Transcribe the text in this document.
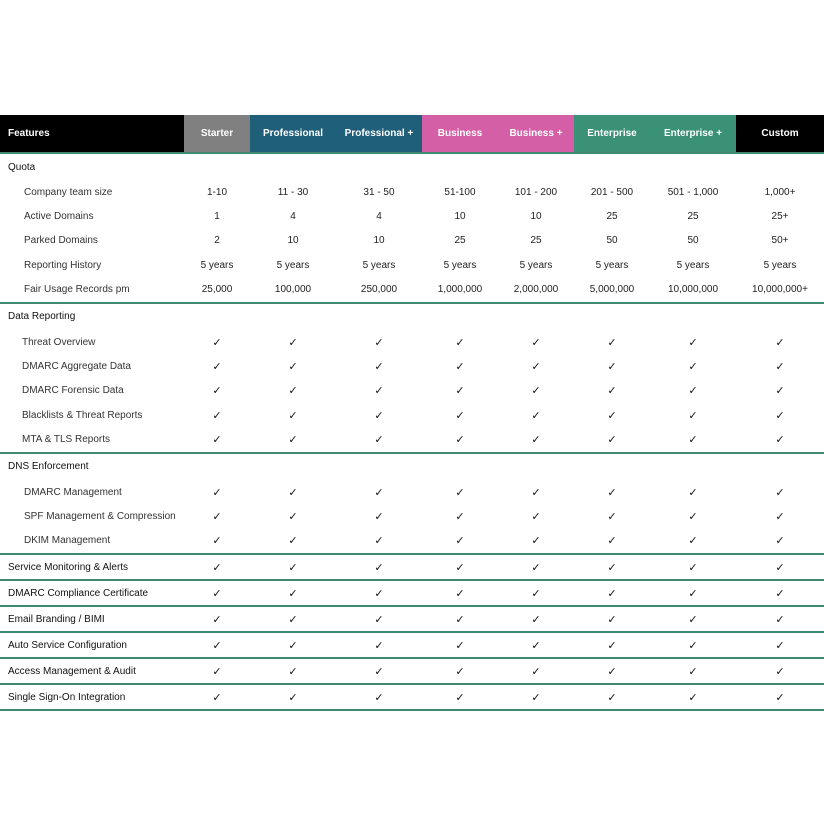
Features	Starter	Professional	Professional +	Business	Business +	Enterprise	Enterprise +	Custom
Quota
Company team size	1-10	11 - 30	31 - 50	51-100	101 - 200	201 - 500	501 - 1,000	1,000+
Active Domains	1	4	4	10	10	25	25	25+
Parked Domains	2	10	10	25	25	50	50	50+
Reporting History	5 years	5 years	5 years	5 years	5 years	5 years	5 years	5 years
Fair Usage Records pm	25,000	100,000	250,000	1,000,000	2,000,000	5,000,000	10,000,000	10,000,000+
Data Reporting
Threat Overview	✓	✓	✓	✓	✓	✓	✓	✓
DMARC Aggregate Data	✓	✓	✓	✓	✓	✓	✓	✓
DMARC Forensic Data	✓	✓	✓	✓	✓	✓	✓	✓
Blacklists & Threat Reports	✓	✓	✓	✓	✓	✓	✓	✓
MTA & TLS Reports	✓	✓	✓	✓	✓	✓	✓	✓
DNS Enforcement
DMARC Management	✓	✓	✓	✓	✓	✓	✓	✓
SPF Management & Compression	✓	✓	✓	✓	✓	✓	✓	✓
DKIM Management	✓	✓	✓	✓	✓	✓	✓	✓
Service Monitoring & Alerts	✓	✓	✓	✓	✓	✓	✓	✓
DMARC Compliance Certificate	✓	✓	✓	✓	✓	✓	✓	✓
Email Branding / BIMI	✓	✓	✓	✓	✓	✓	✓	✓
Auto Service Configuration	✓	✓	✓	✓	✓	✓	✓	✓
Access Management & Audit	✓	✓	✓	✓	✓	✓	✓	✓
Single Sign-On Integration	✓	✓	✓	✓	✓	✓	✓	✓
